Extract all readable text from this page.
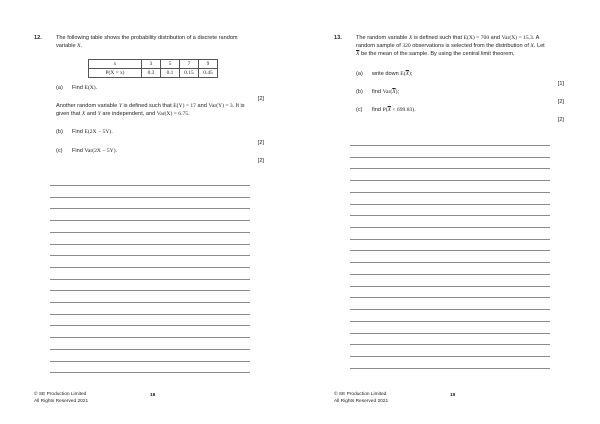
12.	The following table shows the probability distribution of a discrete random
variable X.
x	3	5	7	9
P(X = x)	0.3	0.1	0.15	0.45
(a) Find E(X).
[2]
Another random variable Y is defined such that E(Y) = 17 and Var(Y) = 3. It is
given that X and Y are independent, and Var(X) = 6.75.
(b) Find E(2X − 5Y).
[2]
(c) Find Var(2X − 5Y).
[2]
© SE Production Limited
All Rights Reserved 2021
18
13.	The random variable X is defined such that E(X) = 700 and Var(X) = 15.3. A
random sample of 320 observations is selected from the distribution of X. Let
$\overline{X}$ be the mean of the sample. By using the central limit theorem,
(a) write down $E(\overline{X})$;
[1]
(b) find $Var(\overline{X})$;
[2]
(c) find $P(\overline{X} < 699.83)$.
[2]
© SE Production Limited
All Rights Reserved 2021
19
